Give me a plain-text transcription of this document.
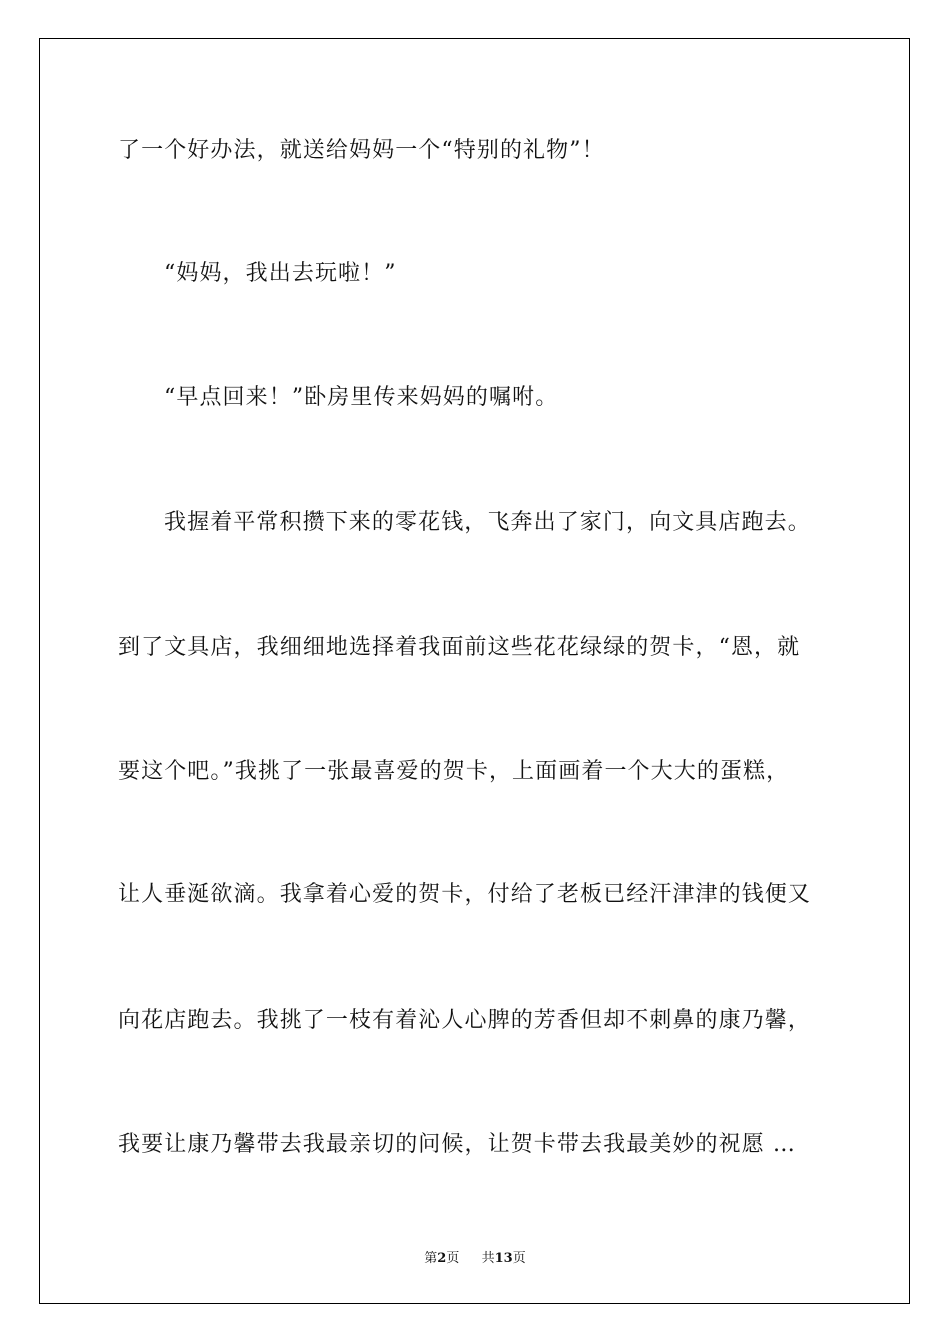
了一个好办法，就送给妈妈一个“特别的礼物”！
“妈妈，我出去玩啦！”
“早点回来！”卧房里传来妈妈的嘱咐。
我握着平常积攒下来的零花钱，飞奔出了家门，向文具店跑去。
到了文具店，我细细地选择着我面前这些花花绿绿的贺卡，“恩，就
要这个吧。”我挑了一张最喜爱的贺卡，上面画着一个大大的蛋糕，
让人垂涎欲滴。我拿着心爱的贺卡，付给了老板已经汗津津的钱便又
向花店跑去。我挑了一枝有着沁人心脾的芳香但却不刺鼻的康乃馨，
我要让康乃馨带去我最亲切的问候，让贺卡带去我最美妙的祝愿 …
第2页 共13页
